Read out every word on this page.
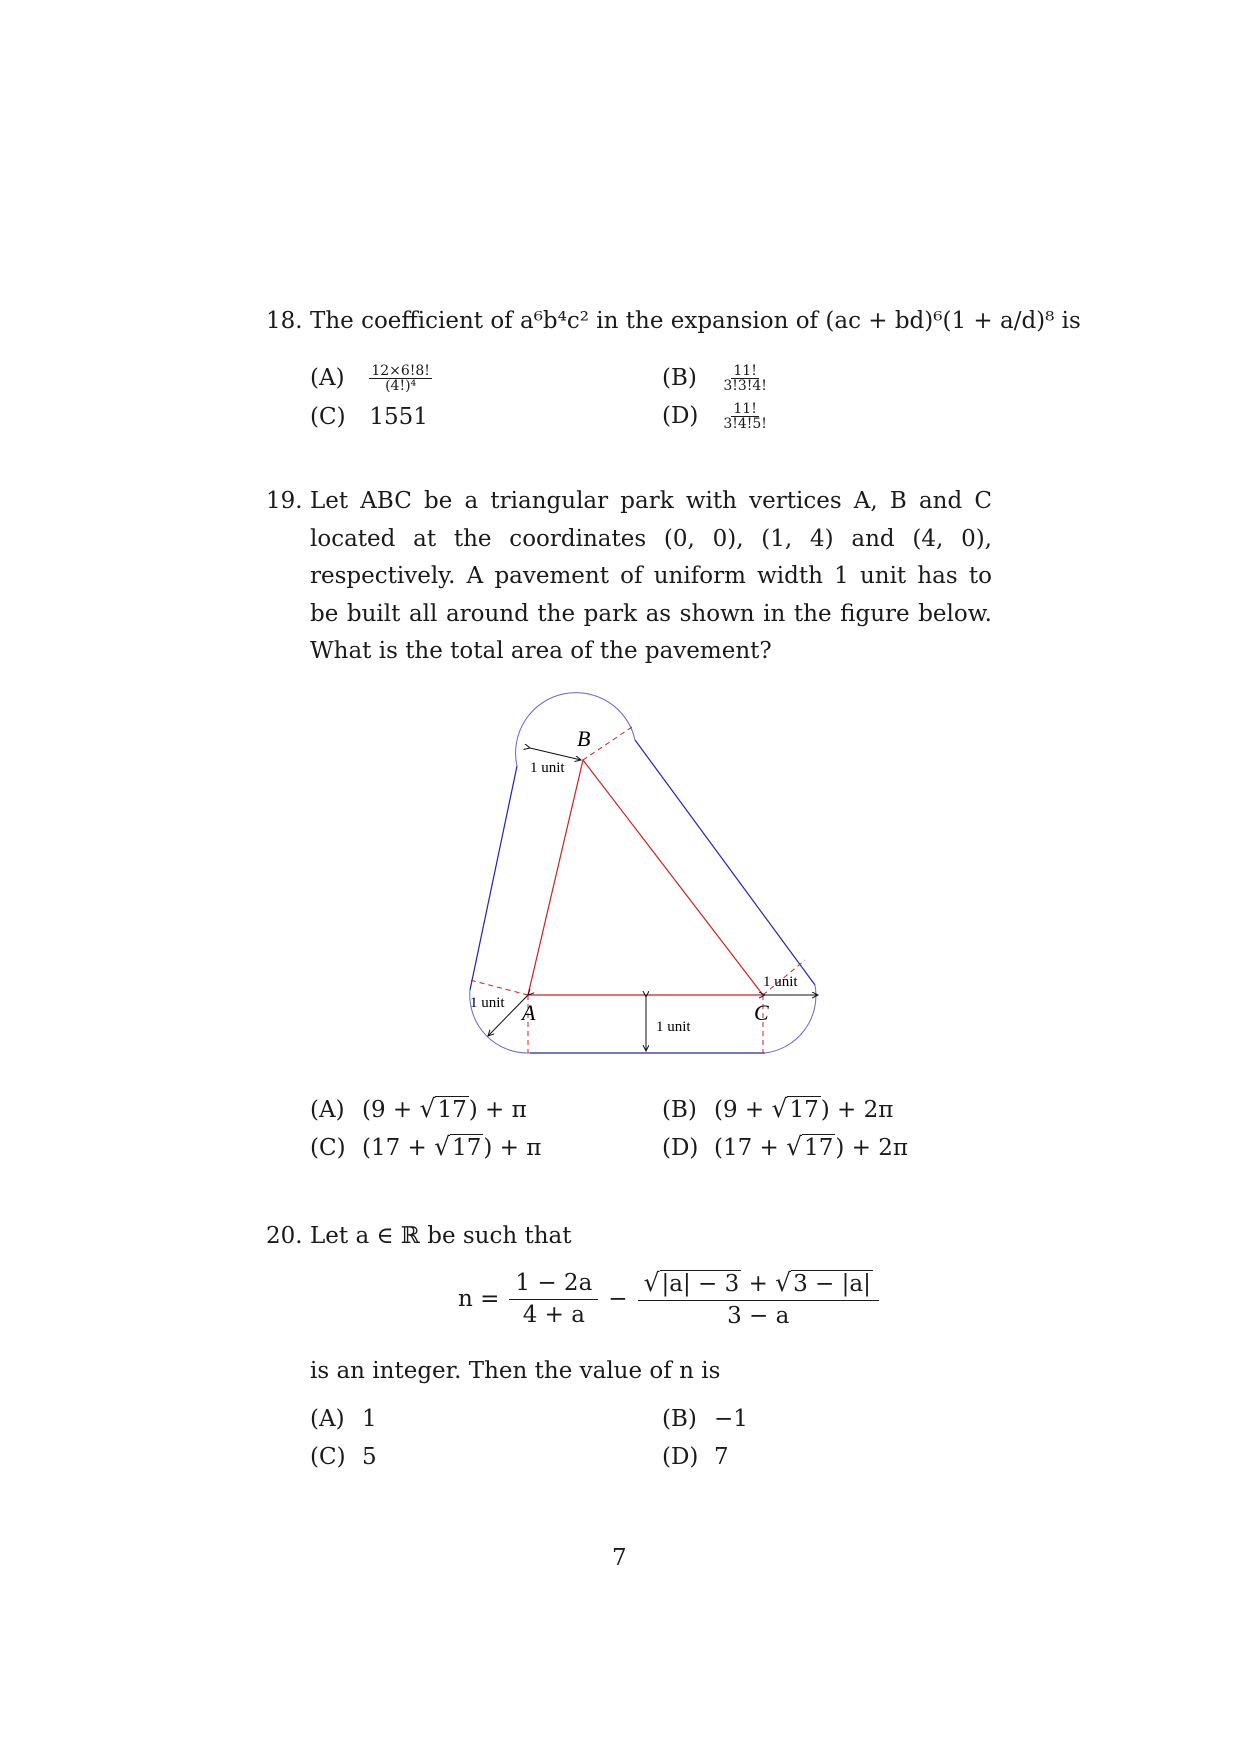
18. The coefficient of a⁶b⁴c² in the expansion of (ac + bd)⁶(1 + a/d)⁸ is
$(A) \frac{12\times 6!8!}{\text{(4!)⁴}}$	$(B) \frac{11!}{3!3!4!}$
(C) 1551	$(D) \frac{11!}{3!4!5!}$
19. Let ABC be a triangular park with vertices A, B and C located at the coordinates (0, 0), (1, 4) and (4, 0), respectively. A pavement of uniform width 1 unit has to be built all around the park as shown in the figure below. What is the total area of the pavement?
B
A	C
1 unit
1 unit
1 unit
1 unit
(A) (9 + √17) + π	(B) (9 + √17) + 2π
(C) (17 + √17) + π	(D) (17 + √17) + 2π
20. Let a ∈ ℝ be such that
$n = \frac{1 - 2a}{4 + a} - \frac{√|a| - 3 + √3 - |a|}{3 - a}$
is an integer. Then the value of n is
(A) 1	(B) −1
(C) 5	(D) 7
7
